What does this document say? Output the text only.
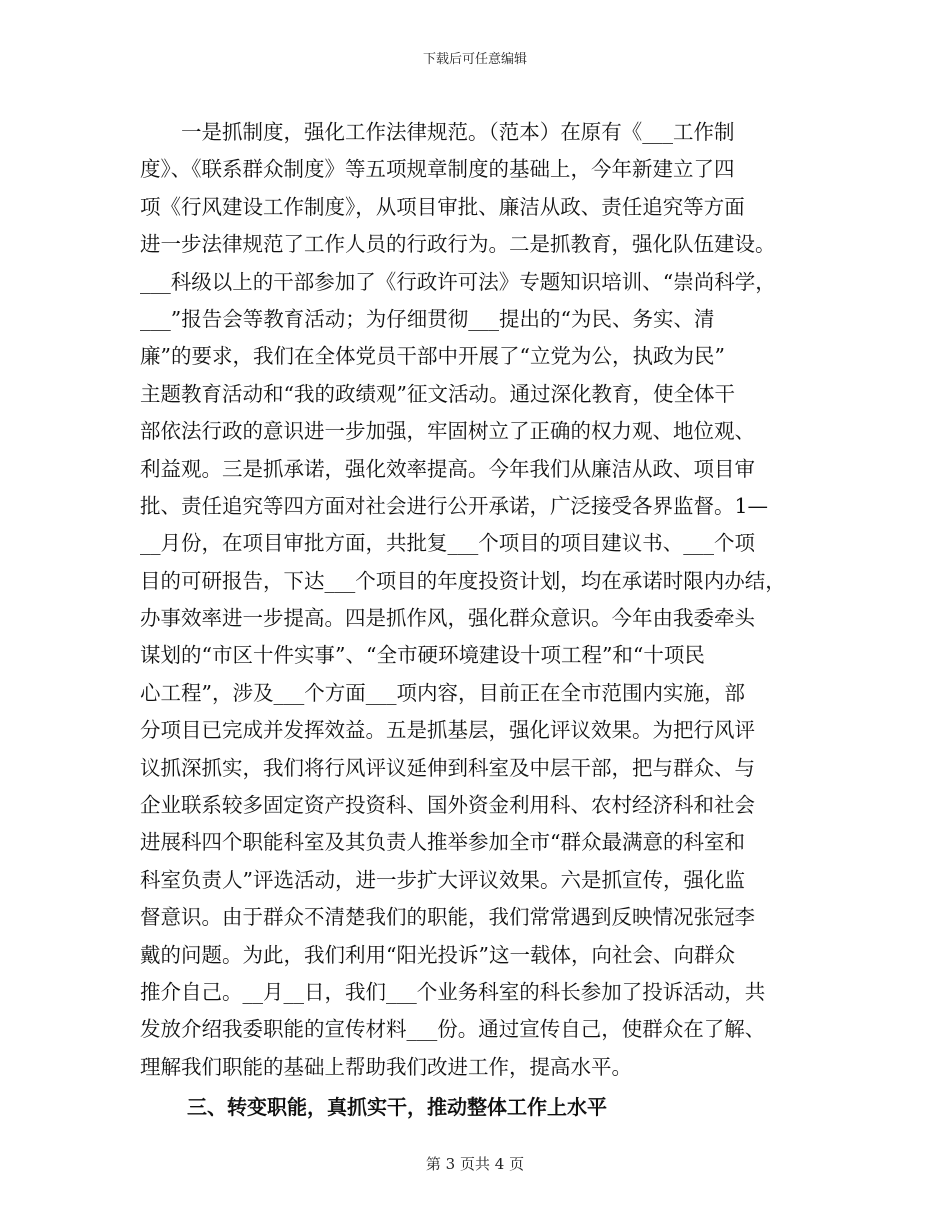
下载后可任意编辑
　　一是抓制度，强化工作法律规范。（范本）在原有《___工作制
度》、《联系群众制度》等五项规章制度的基础上，今年新建立了四
项《行风建设工作制度》，从项目审批、廉洁从政、责任追究等方面
进一步法律规范了工作人员的行政行为。二是抓教育，强化队伍建设。
___科级以上的干部参加了《行政许可法》专题知识培训、“崇尚科学，
___”报告会等教育活动；为仔细贯彻___提出的“为民、务实、清
廉”的要求，我们在全体党员干部中开展了“立党为公，执政为民”
主题教育活动和“我的政绩观”征文活动。通过深化教育，使全体干
部依法行政的意识进一步加强，牢固树立了正确的权力观、地位观、
利益观。三是抓承诺，强化效率提高。今年我们从廉洁从政、项目审
批、责任追究等四方面对社会进行公开承诺，广泛接受各界监督。1—
__月份，在项目审批方面，共批复___个项目的项目建议书、___个项
目的可研报告，下达___个项目的年度投资计划，均在承诺时限内办结，
办事效率进一步提高。四是抓作风，强化群众意识。今年由我委牵头
谋划的“市区十件实事”、“全市硬环境建设十项工程”和“十项民
心工程”，涉及___个方面___项内容，目前正在全市范围内实施，部
分项目已完成并发挥效益。五是抓基层，强化评议效果。为把行风评
议抓深抓实，我们将行风评议延伸到科室及中层干部，把与群众、与
企业联系较多固定资产投资科、国外资金利用科、农村经济科和社会
进展科四个职能科室及其负责人推举参加全市“群众最满意的科室和
科室负责人”评选活动，进一步扩大评议效果。六是抓宣传，强化监
督意识。由于群众不清楚我们的职能，我们常常遇到反映情况张冠李
戴的问题。为此，我们利用“阳光投诉”这一载体，向社会、向群众
推介自己。__月__日，我们___个业务科室的科长参加了投诉活动，共
发放介绍我委职能的宣传材料___份。通过宣传自己，使群众在了解、
理解我们职能的基础上帮助我们改进工作，提高水平。
三、转变职能，真抓实干，推动整体工作上水平
第 3 页共 4 页
